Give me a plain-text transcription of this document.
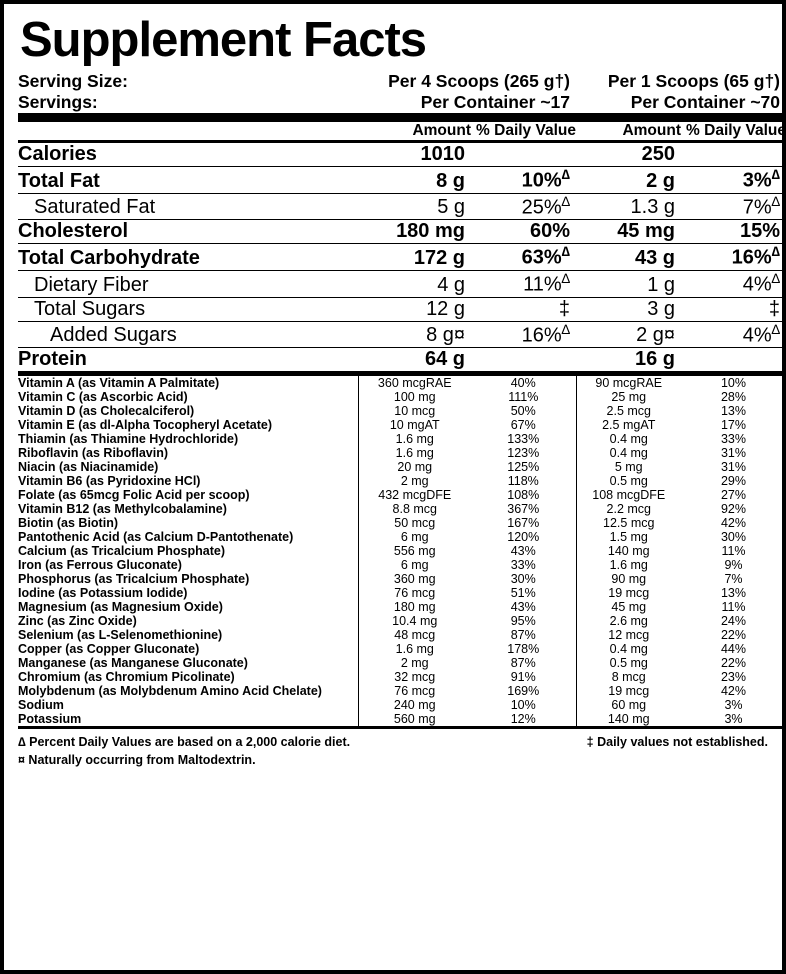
Supplement Facts
Serving Size:	Per 4 Scoops (265 g†)	Per 1 Scoops (65 g†)
Servings:	Per Container ~17	Per Container ~70
	Amount	% Daily Value	Amount	% Daily Value
Calories	1010		250	
Total Fat	8 g	10%∆	2 g	3%∆
Saturated Fat	5 g	25%∆	1.3 g	7%∆
Cholesterol	180 mg	60%	45 mg	15%
Total Carbohydrate	172 g	63%∆	43 g	16%∆
Dietary Fiber	4 g	11%∆	1 g	4%∆
Total Sugars	12 g	‡	3 g	‡
Added Sugars	8 g¤	16%∆	2 g¤	4%∆
Protein	64 g		16 g	
Vitamin A (as Vitamin A Palmitate)	360 mcgRAE	40%	90 mcgRAE	10%
Vitamin C (as Ascorbic Acid)	100 mg	111%	25 mg	28%
Vitamin D (as Cholecalciferol)	10 mcg	50%	2.5 mcg	13%
Vitamin E (as dl-Alpha Tocopheryl Acetate)	10 mgAT	67%	2.5 mgAT	17%
Thiamin (as Thiamine Hydrochloride)	1.6 mg	133%	0.4 mg	33%
Riboflavin (as Riboflavin)	1.6 mg	123%	0.4 mg	31%
Niacin (as Niacinamide)	20 mg	125%	5 mg	31%
Vitamin B6 (as Pyridoxine HCl)	2 mg	118%	0.5 mg	29%
Folate (as 65mcg Folic Acid per scoop)	432 mcgDFE	108%	108 mcgDFE	27%
Vitamin B12 (as Methylcobalamine)	8.8 mcg	367%	2.2 mcg	92%
Biotin (as Biotin)	50 mcg	167%	12.5 mcg	42%
Pantothenic Acid (as Calcium D-Pantothenate)	6 mg	120%	1.5 mg	30%
Calcium (as Tricalcium Phosphate)	556 mg	43%	140 mg	11%
Iron (as Ferrous Gluconate)	6 mg	33%	1.6 mg	9%
Phosphorus (as Tricalcium Phosphate)	360 mg	30%	90 mg	7%
Iodine (as Potassium Iodide)	76 mcg	51%	19 mcg	13%
Magnesium (as Magnesium Oxide)	180 mg	43%	45 mg	11%
Zinc (as Zinc Oxide)	10.4 mg	95%	2.6 mg	24%
Selenium (as L-Selenomethionine)	48 mcg	87%	12 mcg	22%
Copper (as Copper Gluconate)	1.6 mg	178%	0.4 mg	44%
Manganese (as Manganese Gluconate)	2 mg	87%	0.5 mg	22%
Chromium (as Chromium Picolinate)	32 mcg	91%	8 mcg	23%
Molybdenum (as Molybdenum Amino Acid Chelate)	76 mcg	169%	19 mcg	42%
Sodium	240 mg	10%	60 mg	3%
Potassium	560 mg	12%	140 mg	3%
∆ Percent Daily Values are based on a 2,000 calorie diet.	‡ Daily values not established.
¤ Naturally occurring from Maltodextrin.
